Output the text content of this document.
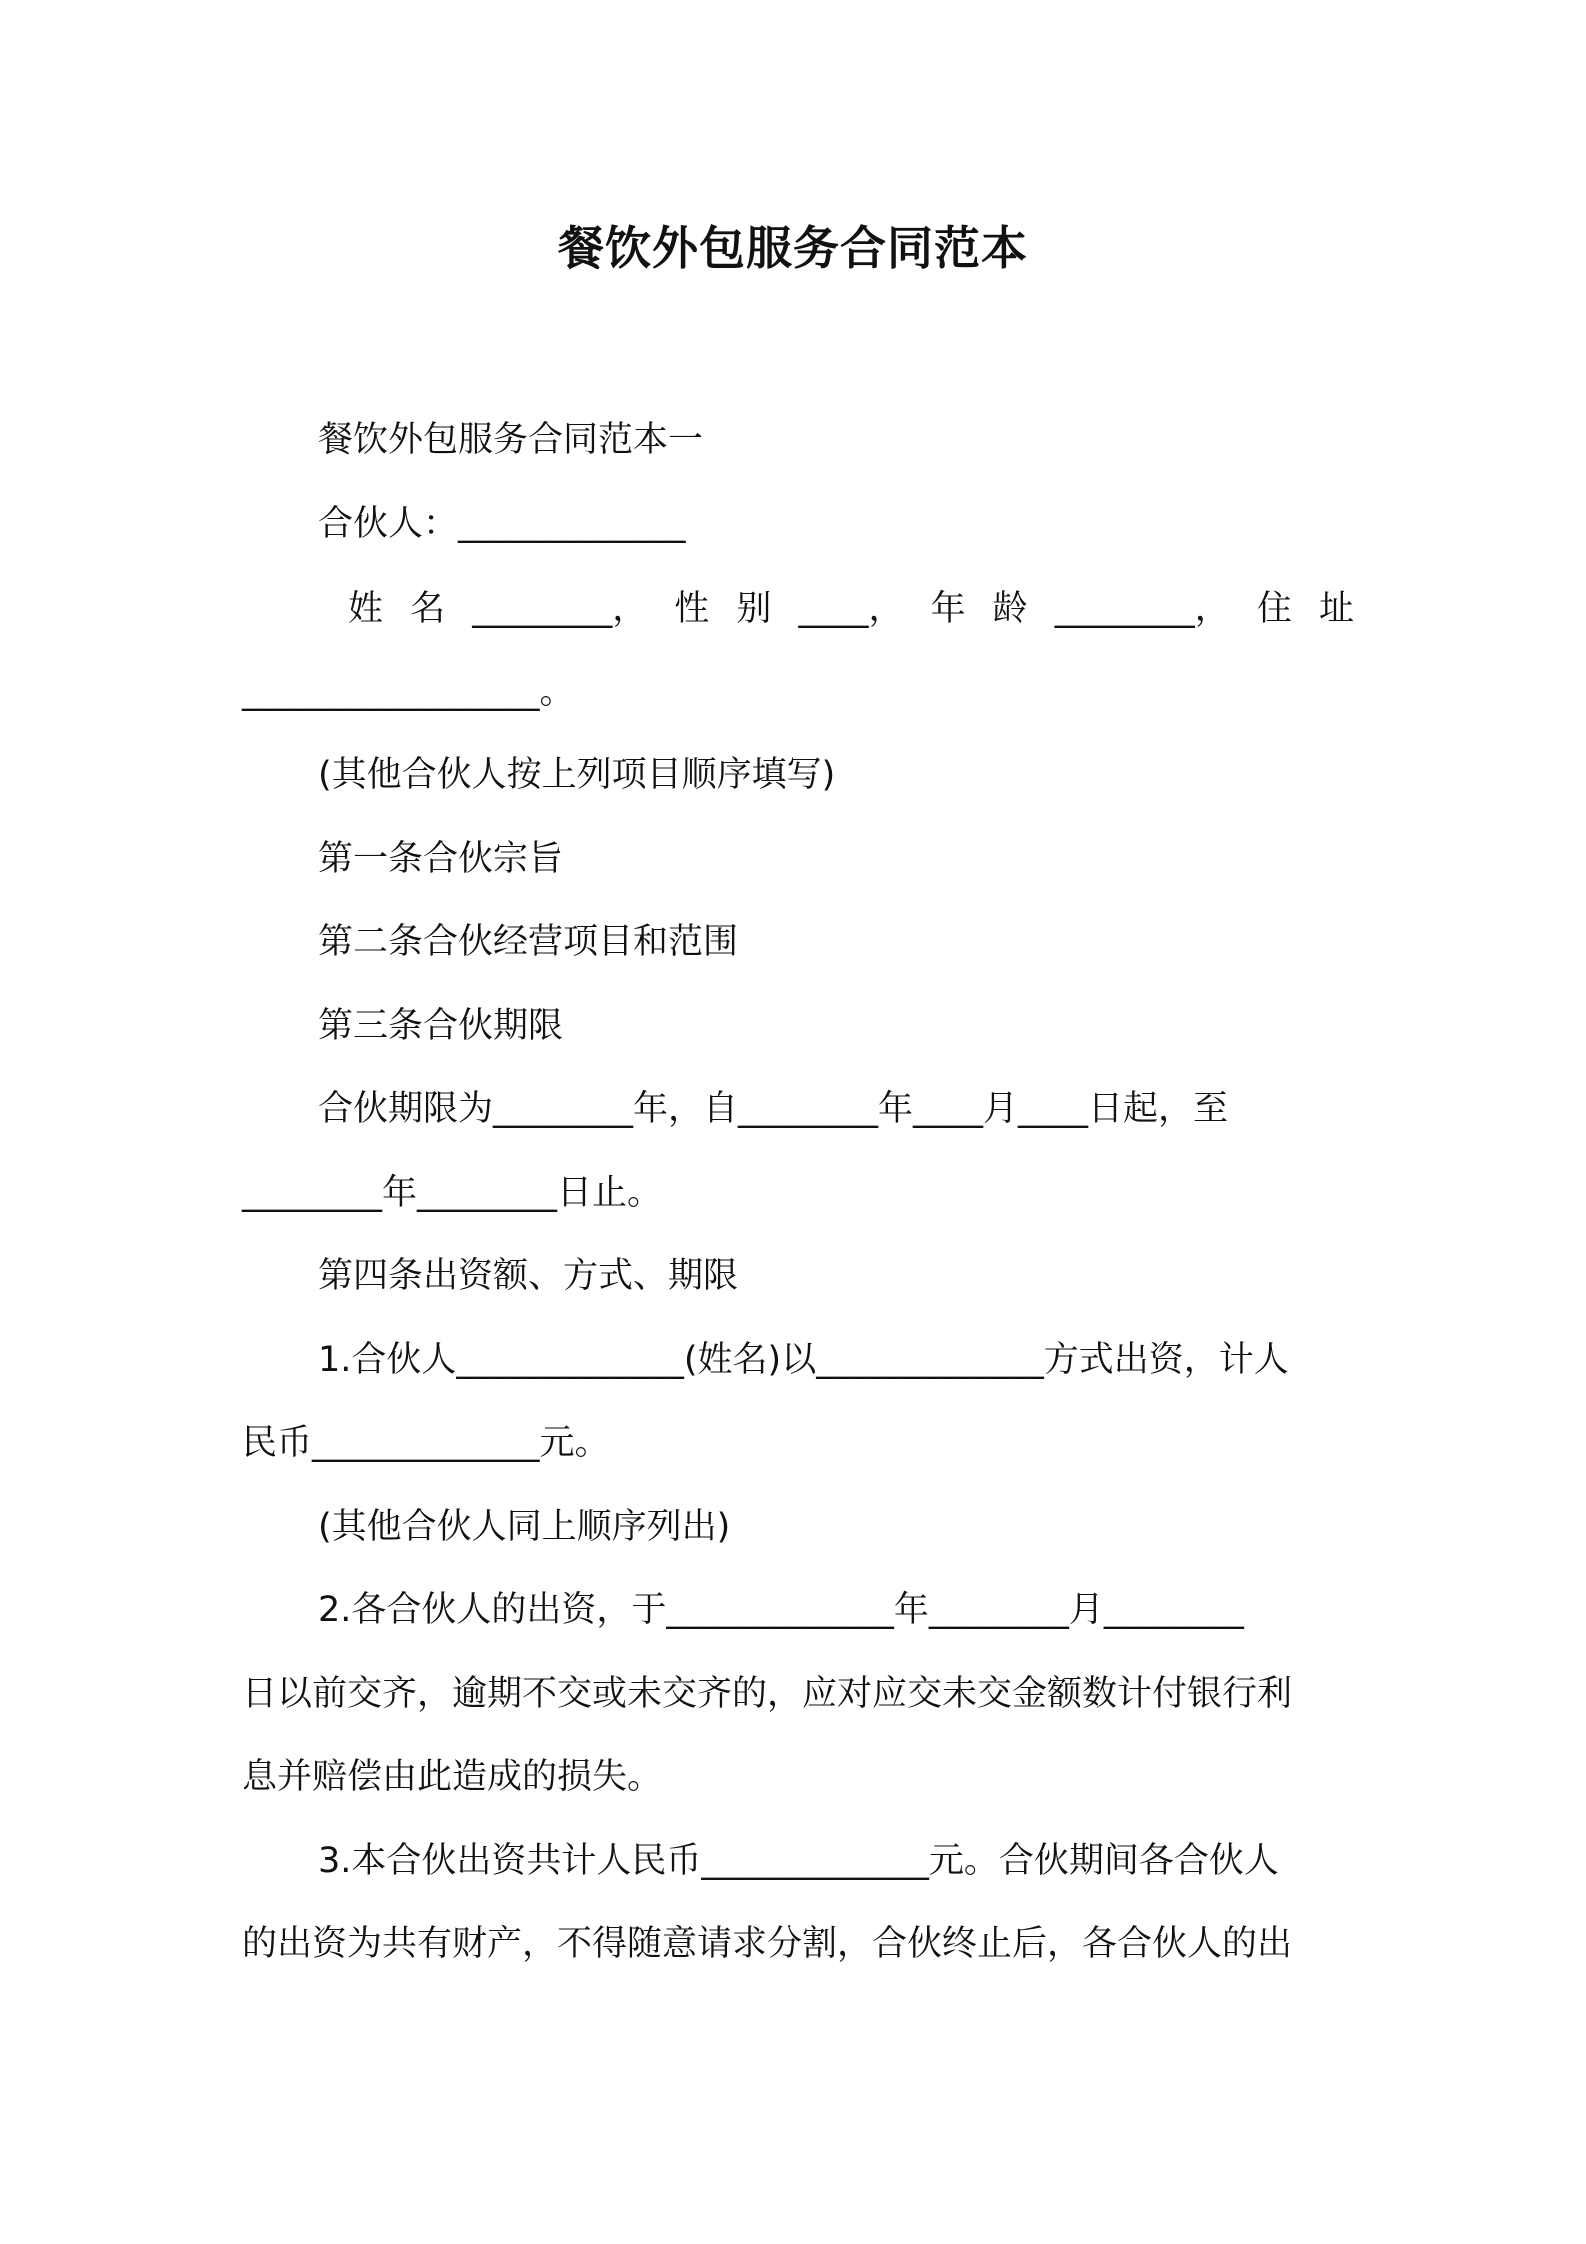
餐饮外包服务合同范本
餐饮外包服务合同范本一
合伙人：_____________
姓 名 ________， 性 别 ____， 年 龄 ________， 住 址
_________________。
(其他合伙人按上列项目顺序填写)
第一条合伙宗旨
第二条合伙经营项目和范围
第三条合伙期限
合伙期限为________年，自________年____月____日起，至
________年________日止。
第四条出资额、方式、期限
1.合伙人_____________(姓名)以_____________方式出资，计人
民币_____________元。
(其他合伙人同上顺序列出)
2.各合伙人的出资，于_____________年________月________
日以前交齐，逾期不交或未交齐的，应对应交未交金额数计付银行利
息并赔偿由此造成的损失。
3.本合伙出资共计人民币_____________元。合伙期间各合伙人
的出资为共有财产，不得随意请求分割，合伙终止后，各合伙人的出
